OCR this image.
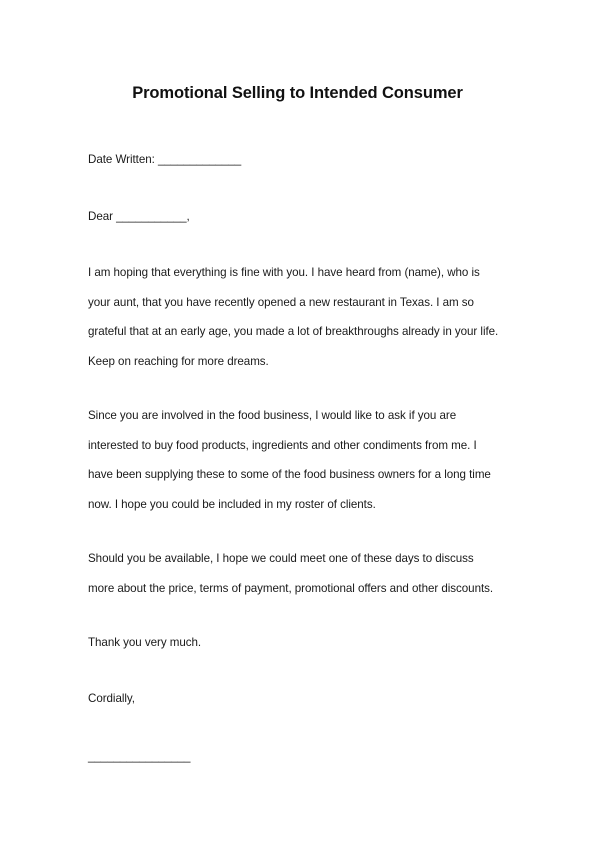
Promotional Selling to Intended Consumer
Date Written: _____________
Dear ___________,
I am hoping that everything is fine with you. I have heard from (name), who is
your aunt, that you have recently opened a new restaurant in Texas. I am so
grateful that at an early age, you made a lot of breakthroughs already in your life.
Keep on reaching for more dreams.
Since you are involved in the food business, I would like to ask if you are
interested to buy food products, ingredients and other condiments from me. I
have been supplying these to some of the food business owners for a long time
now. I hope you could be included in my roster of clients.
Should you be available, I hope we could meet one of these days to discuss
more about the price, terms of payment, promotional offers and other discounts.
Thank you very much.
Cordially,
________________
